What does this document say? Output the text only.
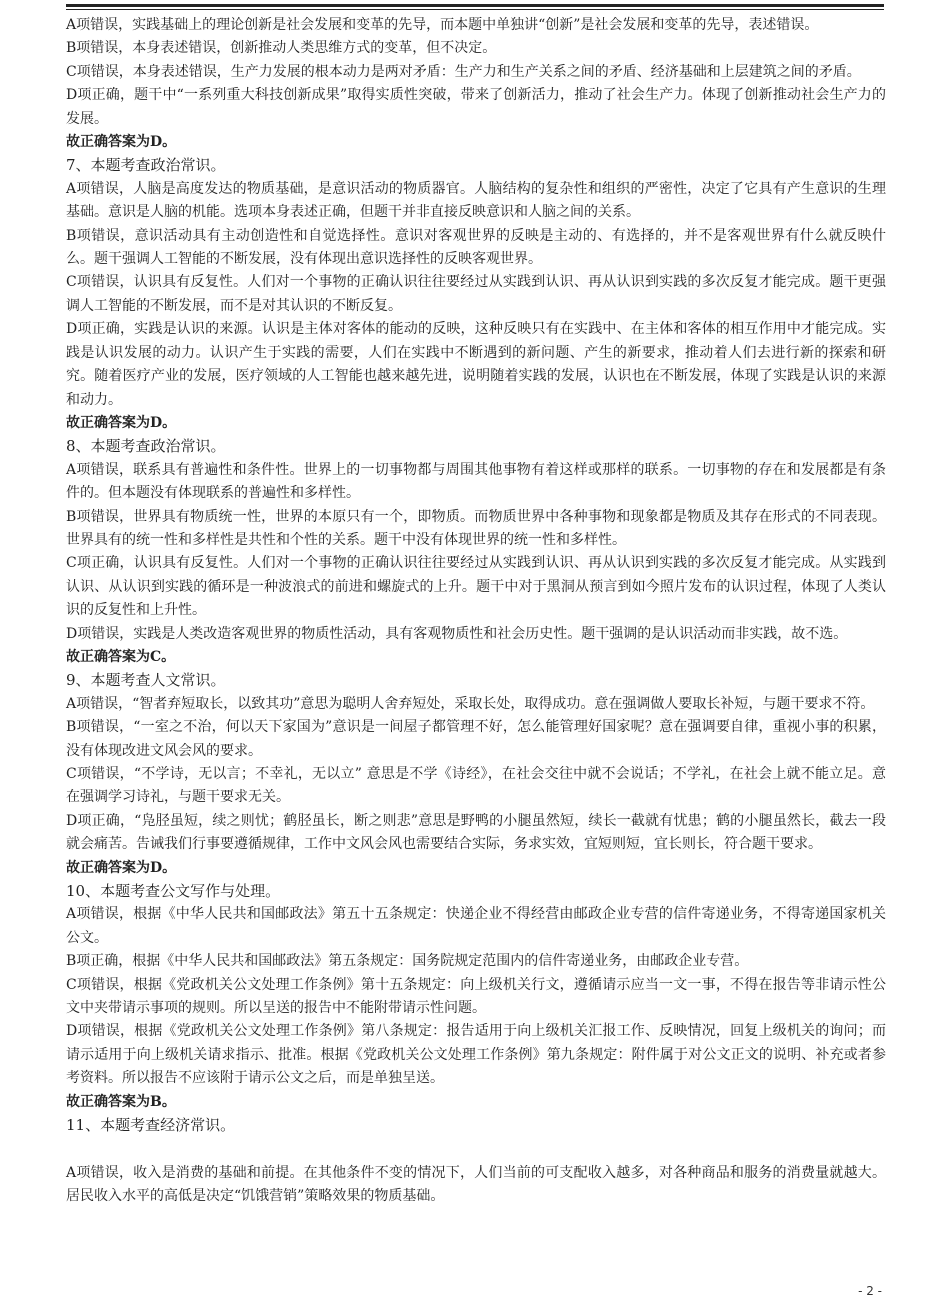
A项错误，实践基础上的理论创新是社会发展和变革的先导，而本题中单独讲“创新”是社会发展和变革的先导，表述错误。

B项错误，本身表述错误，创新推动人类思维方式的变革，但不决定。

C项错误，本身表述错误，生产力发展的根本动力是两对矛盾：生产力和生产关系之间的矛盾、经济基础和上层建筑之间的矛盾。

D项正确，题干中“一系列重大科技创新成果”取得实质性突破，带来了创新活力，推动了社会生产力。体现了创新推动社会生产力的发展。

故正确答案为D。

7、本题考查政治常识。

A项错误，人脑是高度发达的物质基础，是意识活动的物质器官。人脑结构的复杂性和组织的严密性，决定了它具有产生意识的生理基础。意识是人脑的机能。选项本身表述正确，但题干并非直接反映意识和人脑之间的关系。

B项错误，意识活动具有主动创造性和自觉选择性。意识对客观世界的反映是主动的、有选择的，并不是客观世界有什么就反映什么。题干强调人工智能的不断发展，没有体现出意识选择性的反映客观世界。

C项错误，认识具有反复性。人们对一个事物的正确认识往往要经过从实践到认识、再从认识到实践的多次反复才能完成。题干更强调人工智能的不断发展，而不是对其认识的不断反复。

D项正确，实践是认识的来源。认识是主体对客体的能动的反映，这种反映只有在实践中、在主体和客体的相互作用中才能完成。实践是认识发展的动力。认识产生于实践的需要，人们在实践中不断遇到的新问题、产生的新要求，推动着人们去进行新的探索和研究。随着医疗产业的发展，医疗领域的人工智能也越来越先进，说明随着实践的发展，认识也在不断发展，体现了实践是认识的来源和动力。

故正确答案为D。

8、本题考查政治常识。

A项错误，联系具有普遍性和条件性。世界上的一切事物都与周围其他事物有着这样或那样的联系。一切事物的存在和发展都是有条件的。但本题没有体现联系的普遍性和多样性。

B项错误，世界具有物质统一性，世界的本原只有一个，即物质。而物质世界中各种事物和现象都是物质及其存在形式的不同表现。世界具有的统一性和多样性是共性和个性的关系。题干中没有体现世界的统一性和多样性。

C项正确，认识具有反复性。人们对一个事物的正确认识往往要经过从实践到认识、再从认识到实践的多次反复才能完成。从实践到认识、从认识到实践的循环是一种波浪式的前进和螺旋式的上升。题干中对于黑洞从预言到如今照片发布的认识过程，体现了人类认识的反复性和上升性。

D项错误，实践是人类改造客观世界的物质性活动，具有客观物质性和社会历史性。题干强调的是认识活动而非实践，故不选。

故正确答案为C。

9、本题考查人文常识。

A项错误，“智者弃短取长，以致其功”意思为聪明人舍弃短处，采取长处，取得成功。意在强调做人要取长补短，与题干要求不符。

B项错误，“一室之不治，何以天下家国为”意识是一间屋子都管理不好，怎么能管理好国家呢？意在强调要自律，重视小事的积累，没有体现改进文风会风的要求。

C项错误，“不学诗，无以言；不幸礼，无以立” 意思是不学《诗经》，在社会交往中就不会说话；不学礼，在社会上就不能立足。意在强调学习诗礼，与题干要求无关。

D项正确，“凫胫虽短，续之则忧；鹤胫虽长，断之则悲”意思是野鸭的小腿虽然短，续长一截就有忧患；鹤的小腿虽然长，截去一段就会痛苦。告诫我们行事要遵循规律，工作中文风会风也需要结合实际，务求实效，宜短则短，宜长则长，符合题干要求。

故正确答案为D。

10、本题考查公文写作与处理。

A项错误，根据《中华人民共和国邮政法》第五十五条规定：快递企业不得经营由邮政企业专营的信件寄递业务，不得寄递国家机关公文。

B项正确，根据《中华人民共和国邮政法》第五条规定：国务院规定范围内的信件寄递业务，由邮政企业专营。

C项错误，根据《党政机关公文处理工作条例》第十五条规定：向上级机关行文，遵循请示应当一文一事，不得在报告等非请示性公文中夹带请示事项的规则。所以呈送的报告中不能附带请示性问题。

D项错误，根据《党政机关公文处理工作条例》第八条规定：报告适用于向上级机关汇报工作、反映情况，回复上级机关的询问；而请示适用于向上级机关请求指示、批准。根据《党政机关公文处理工作条例》第九条规定：附件属于对公文正文的说明、补充或者参考资料。所以报告不应该附于请示公文之后，而是单独呈送。

故正确答案为B。

11、本题考查经济常识。

A项错误，收入是消费的基础和前提。在其他条件不变的情况下，人们当前的可支配收入越多，对各种商品和服务的消费量就越大。居民收入水平的高低是决定“饥饿营销”策略效果的物质基础。

- 2 -
